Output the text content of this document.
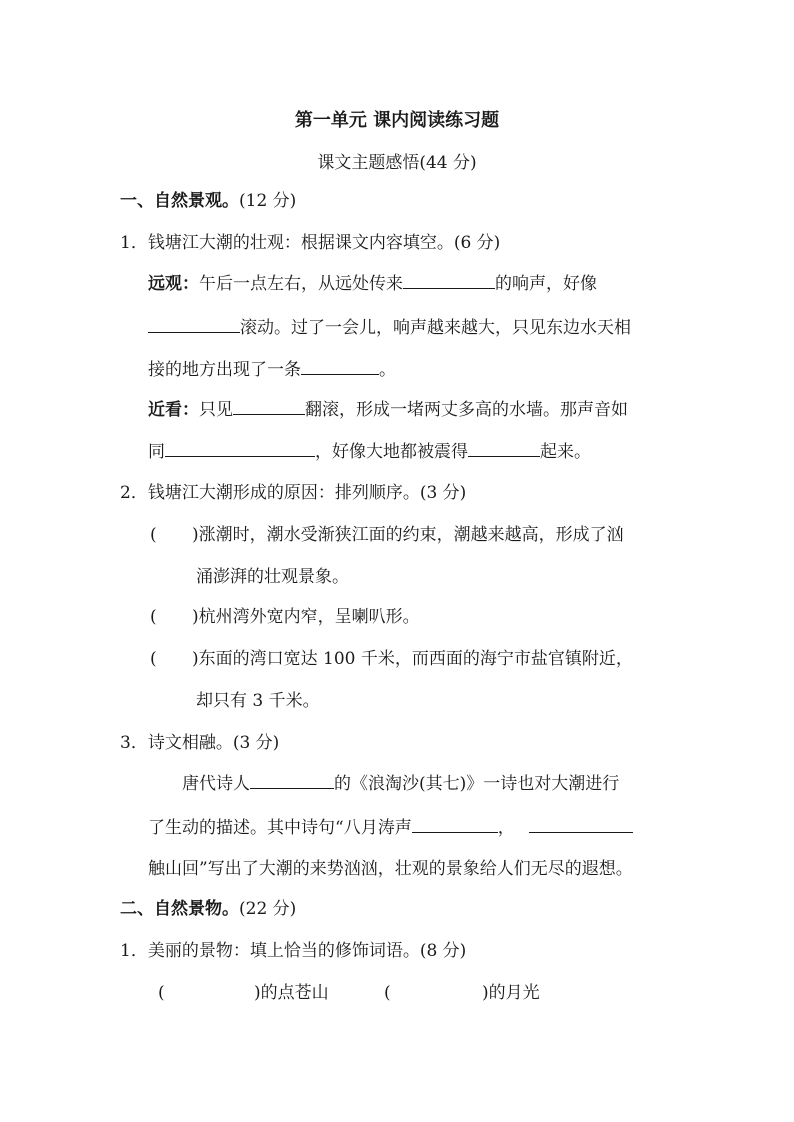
第一单元 课内阅读练习题
课文主题感悟(44 分)
一、自然景观。(12 分)
1．钱塘江大潮的壮观：根据课文内容填空。(6 分)
远观：午后一点左右，从远处传来	的响声，好像
滚动。过了一会儿，响声越来越大，只见东边水天相
接的地方出现了一条	。
近看：只见	翻滚，形成一堵两丈多高的水墙。那声音如
同	，好像大地都被震得	起来。
2．钱塘江大潮形成的原因：排列顺序。(3 分)
( )涨潮时，潮水受渐狭江面的约束，潮越来越高，形成了汹
涌澎湃的壮观景象。
( )杭州湾外宽内窄，呈喇叭形。
( )东面的湾口宽达 100 千米，而西面的海宁市盐官镇附近，
却只有 3 千米。
3．诗文相融。(3 分)
唐代诗人	的《浪淘沙(其七)》一诗也对大潮进行
了生动的描述。其中诗句“八月涛声	，
触山回”写出了大潮的来势汹汹，壮观的景象给人们无尽的遐想。
二、自然景物。(22 分)
1．美丽的景物：填上恰当的修饰词语。(8 分)
(	)的点苍山	(	)的月光
